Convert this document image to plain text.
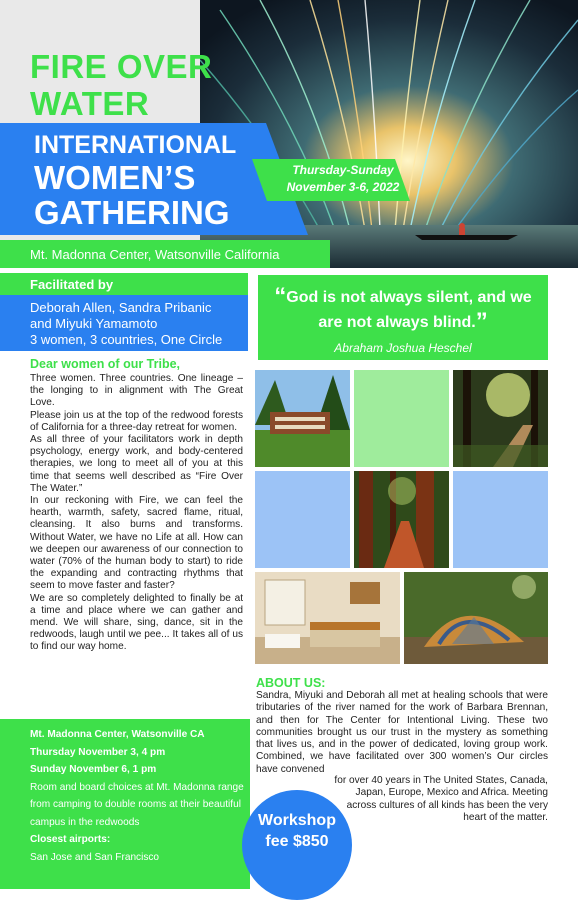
FIRE OVER
WATER
INTERNATIONAL
WOMEN’S
GATHERING
Thursday-Sunday
November 3-6, 2022
Mt. Madonna Center, Watsonville California
Facilitated by
Deborah Allen, Sandra Pribanic
and Miyuki Yamamoto
3 women, 3 countries, One Circle
“God is not always silent, and we are not always blind.”
Abraham Joshua Heschel
Dear women of our Tribe,

Three women. Three countries. One lineage – the longing to in alignment with The Great Love.

Please join us at the top of the redwood forests of California for a three-day retreat for women.

As all three of your facilitators work in depth psychology, energy work, and body-centered therapies, we long to meet all of you at this time that seems well described as “Fire Over The Water.”

In our reckoning with Fire, we can feel the hearth, warmth, safety, sacred flame, ritual, cleansing. It also burns and transforms. Without Water, we have no Life at all. How can we deepen our awareness of our connection to water (70% of the human body to start) to ride the expanding and contracting rhythms that seem to move faster and faster?

We are so completely delighted to finally be at a time and place where we can gather and mend. We will share, sing, dance, sit in the redwoods, laugh until we pee... It takes all of us to find our way home.

ABOUT US:
Sandra, Miyuki and Deborah all met at healing schools that were tributaries of the river named for the work of Barbara Brennan, and then for The Center for Intentional Living. These two communities brought us our trust in the mystery as something that lives us, and in the power of dedicated, loving group work. Combined, we have facilitated over 300 women’s Our circles have convened
for over 40 years in The United States, Canada, Japan, Europe, Mexico and Africa. Meeting across cultures of all kinds has been the very heart of the matter.
Mt. Madonna Center, Watsonville CA
Thursday November 3, 4 pm
Sunday November 6, 1 pm
Room and board choices at Mt. Madonna range from camping to double rooms at their beautiful campus in the redwoods
Closest airports:
San Jose and San Francisco
Workshop
fee $850
